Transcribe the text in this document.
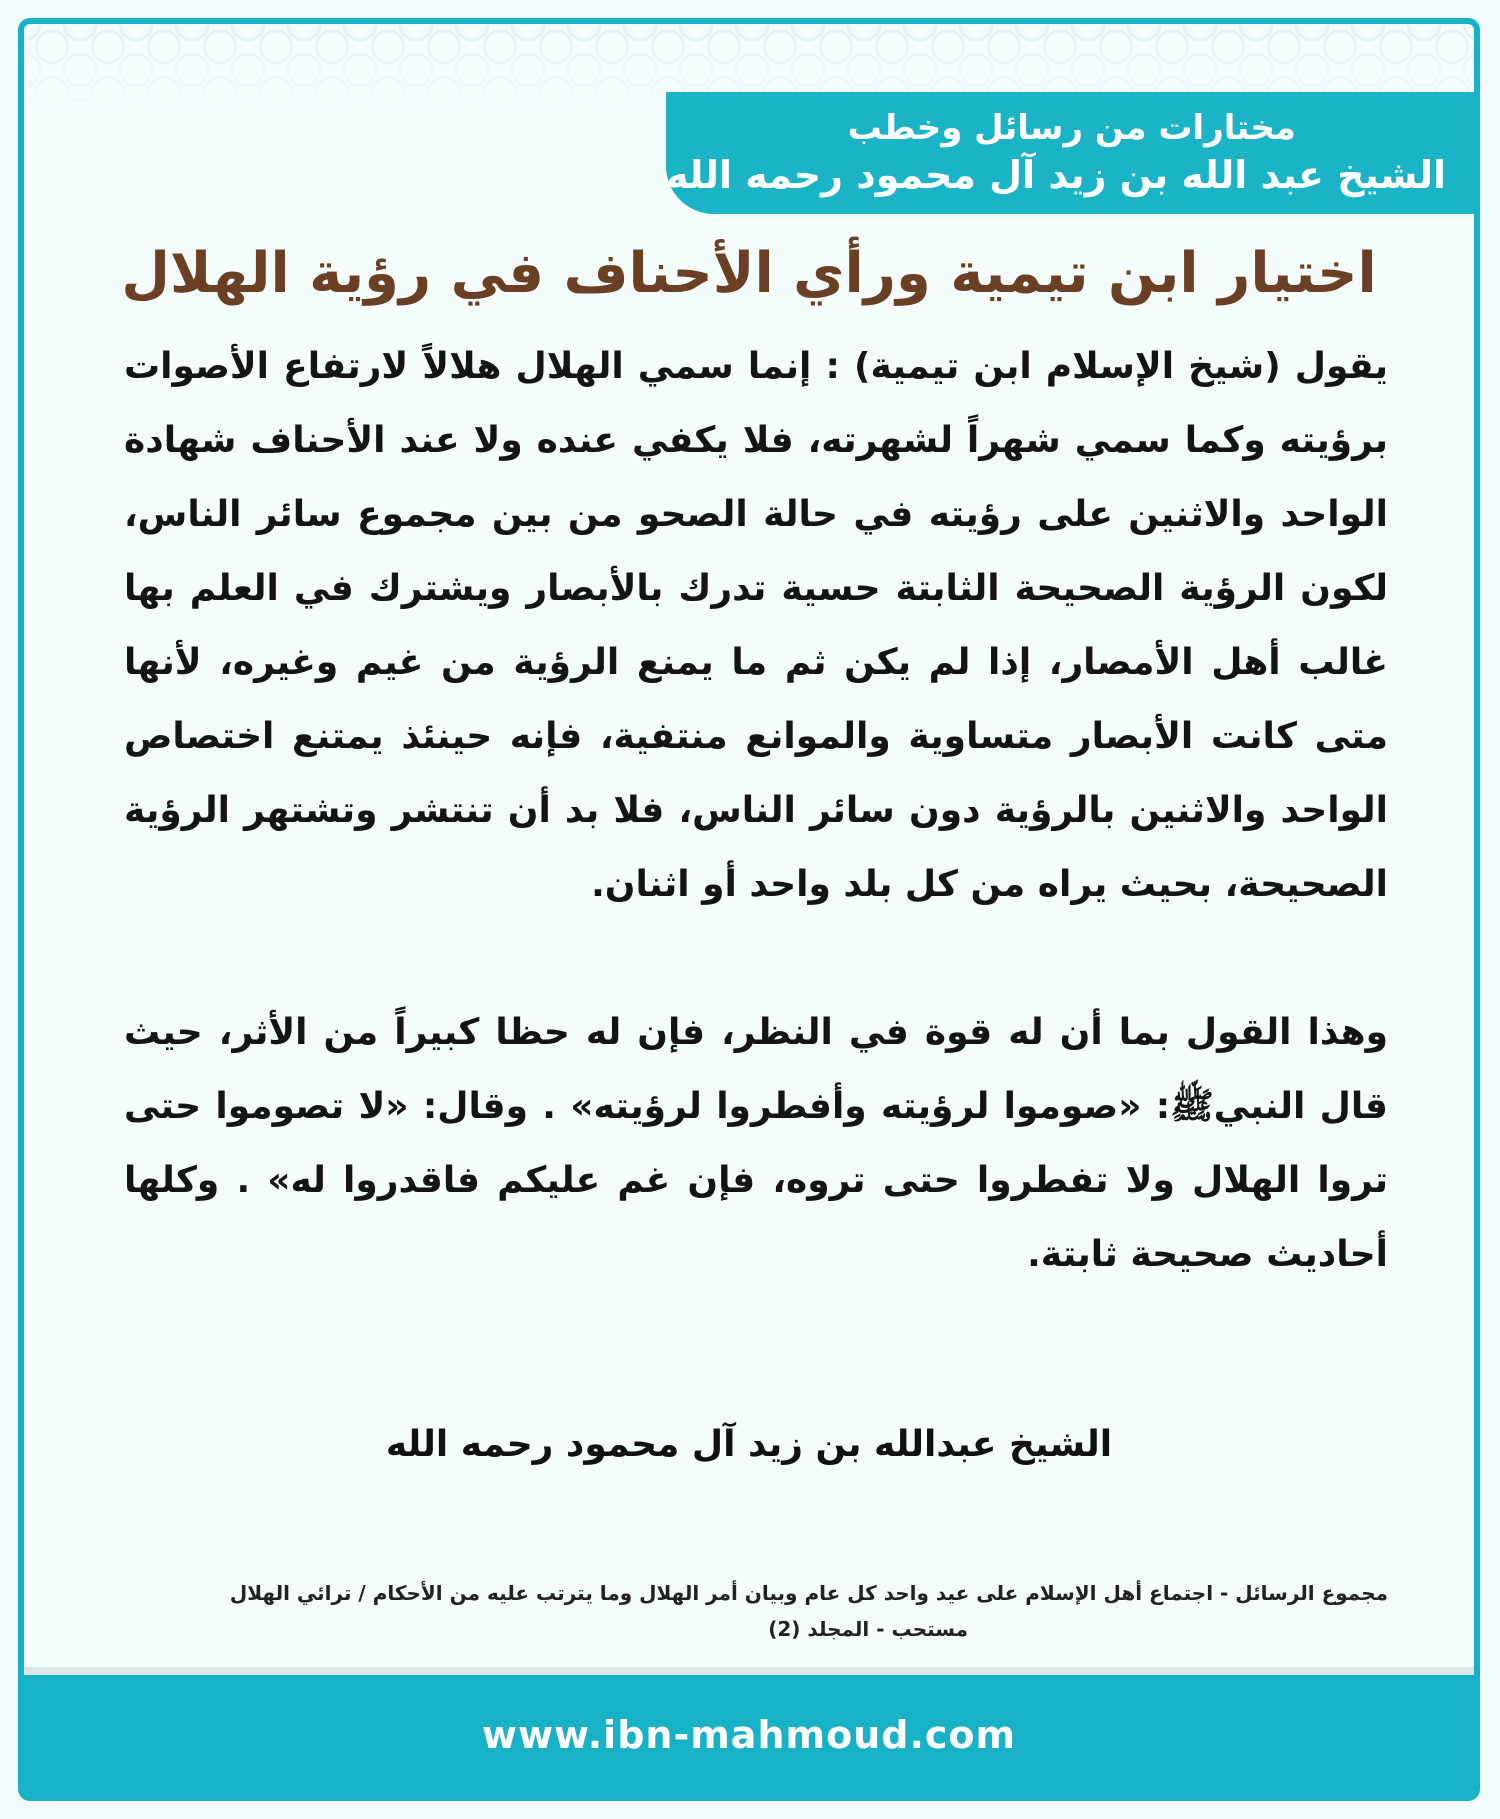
مختارات من رسائل وخطب
الشيخ عبد الله بن زيد آل محمود رحمه الله
اختيار ابن تيمية ورأي الأحناف في رؤية الهلال

يقول (شيخ الإسلام ابن تيمية) : إنما سمي الهلال هلالاً لارتفاع الأصوات برؤيته وكما سمي شهراً لشهرته، فلا يكفي عنده ولا عند الأحناف شهادة الواحد والاثنين على رؤيته في حالة الصحو من بين مجموع سائر الناس، لكون الرؤية الصحيحة الثابتة حسية تدرك بالأبصار ويشترك في العلم بها غالب أهل الأمصار، إذا لم يكن ثم ما يمنع الرؤية من غيم وغيره، لأنها متى كانت الأبصار متساوية والموانع منتفية، فإنه حينئذ يمتنع اختصاص الواحد والاثنين بالرؤية دون سائر الناس، فلا بد أن تنتشر وتشتهر الرؤية الصحيحة، بحيث يراه من كل بلد واحد أو اثنان.

وهذا القول بما أن له قوة في النظر، فإن له حظا كبيراً من الأثر، حيث قال النبيﷺ: «صوموا لرؤيته وأفطروا لرؤيته» . وقال: «لا تصوموا حتى تروا الهلال ولا تفطروا حتى تروه، فإن غم عليكم فاقدروا له» . وكلها أحاديث صحيحة ثابتة.

الشيخ عبدالله بن زيد آل محمود رحمه الله
مجموع الرسائل - اجتماع أهل الإسلام على عيد واحد كل عام وبيان أمر الهلال وما يترتب عليه من الأحكام / ترائي الهلال
مستحب - المجلد (2)
www.ibn-mahmoud.com
